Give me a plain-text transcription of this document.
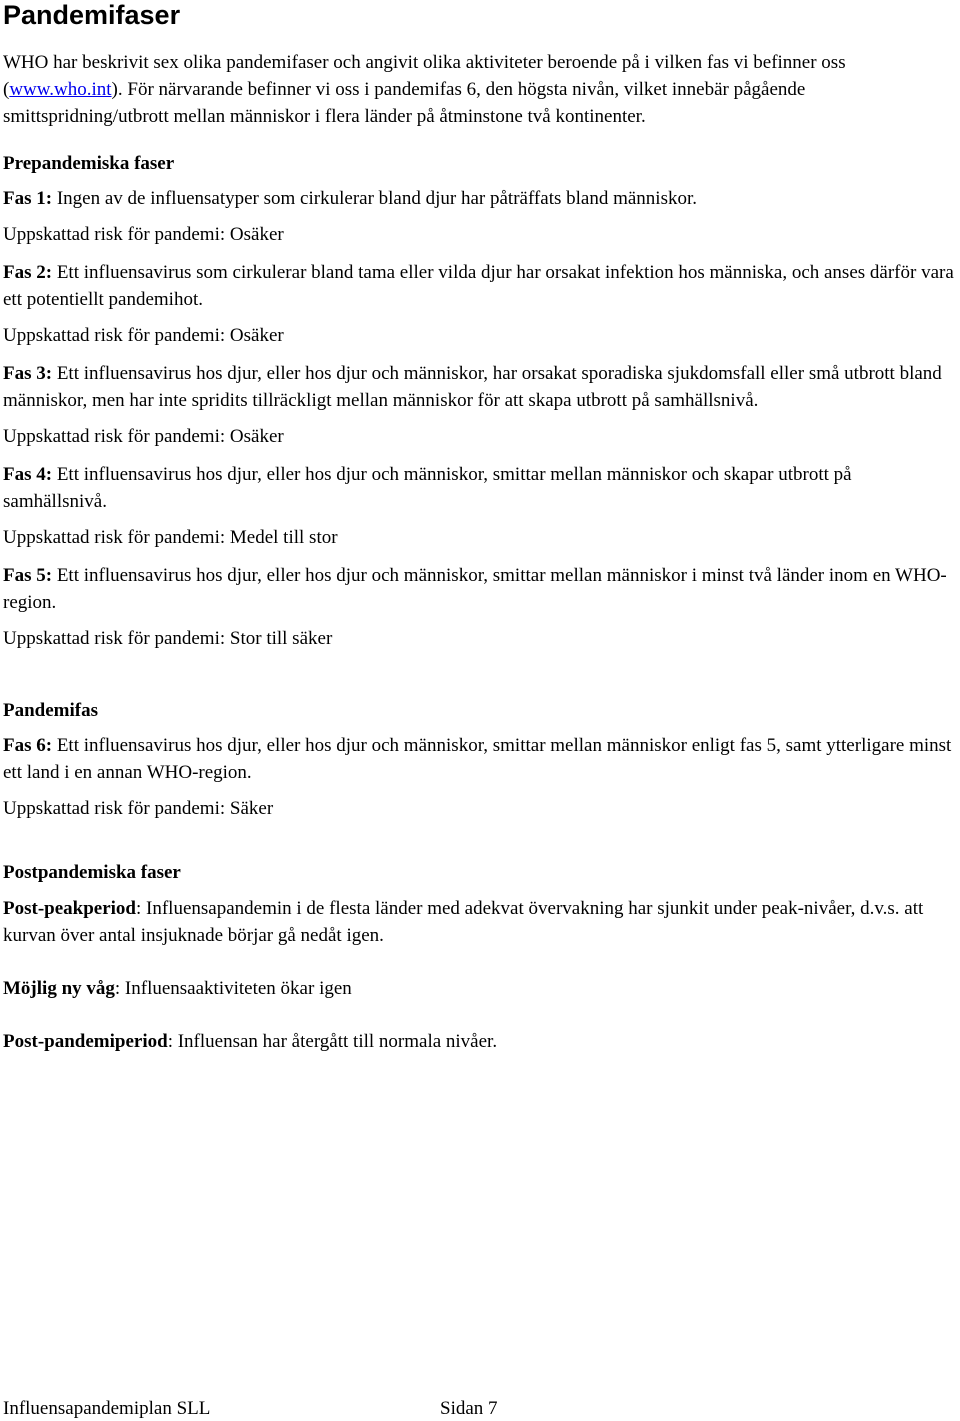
Pandemifaser

WHO har beskrivit sex olika pandemifaser och angivit olika aktiviteter beroende på i vilken fas vi befinner oss (www.who.int). För närvarande befinner vi oss i pandemifas 6, den högsta nivån, vilket innebär pågående smittspridning/utbrott mellan människor i flera länder på åtminstone två kontinenter.

Prepandemiska faser

Fas 1: Ingen av de influensatyper som cirkulerar bland djur har påträffats bland människor.

Uppskattad risk för pandemi: Osäker

Fas 2: Ett influensavirus som cirkulerar bland tama eller vilda djur har orsakat infektion hos människa, och anses därför vara ett potentiellt pandemihot.

Uppskattad risk för pandemi: Osäker

Fas 3: Ett influensavirus hos djur, eller hos djur och människor, har orsakat sporadiska sjukdomsfall eller små utbrott bland människor, men har inte spridits tillräckligt mellan människor för att skapa utbrott på samhällsnivå.

Uppskattad risk för pandemi: Osäker

Fas 4: Ett influensavirus hos djur, eller hos djur och människor, smittar mellan människor och skapar utbrott på samhällsnivå.

Uppskattad risk för pandemi: Medel till stor

Fas 5: Ett influensavirus hos djur, eller hos djur och människor, smittar mellan människor i minst två länder inom en WHO-region.

Uppskattad risk för pandemi: Stor till säker

Pandemifas

Fas 6: Ett influensavirus hos djur, eller hos djur och människor, smittar mellan människor enligt fas 5, samt ytterligare minst ett land i en annan WHO-region.

Uppskattad risk för pandemi: Säker

Postpandemiska faser

Post-peakperiod: Influensapandemin i de flesta länder med adekvat övervakning har sjunkit under peak-nivåer, d.v.s. att kurvan över antal insjuknade börjar gå nedåt igen.

Möjlig ny våg: Influensaaktiviteten ökar igen

Post-pandemiperiod: Influensan har återgått till normala nivåer.

Influensapandemiplan SLL	Sidan 7
